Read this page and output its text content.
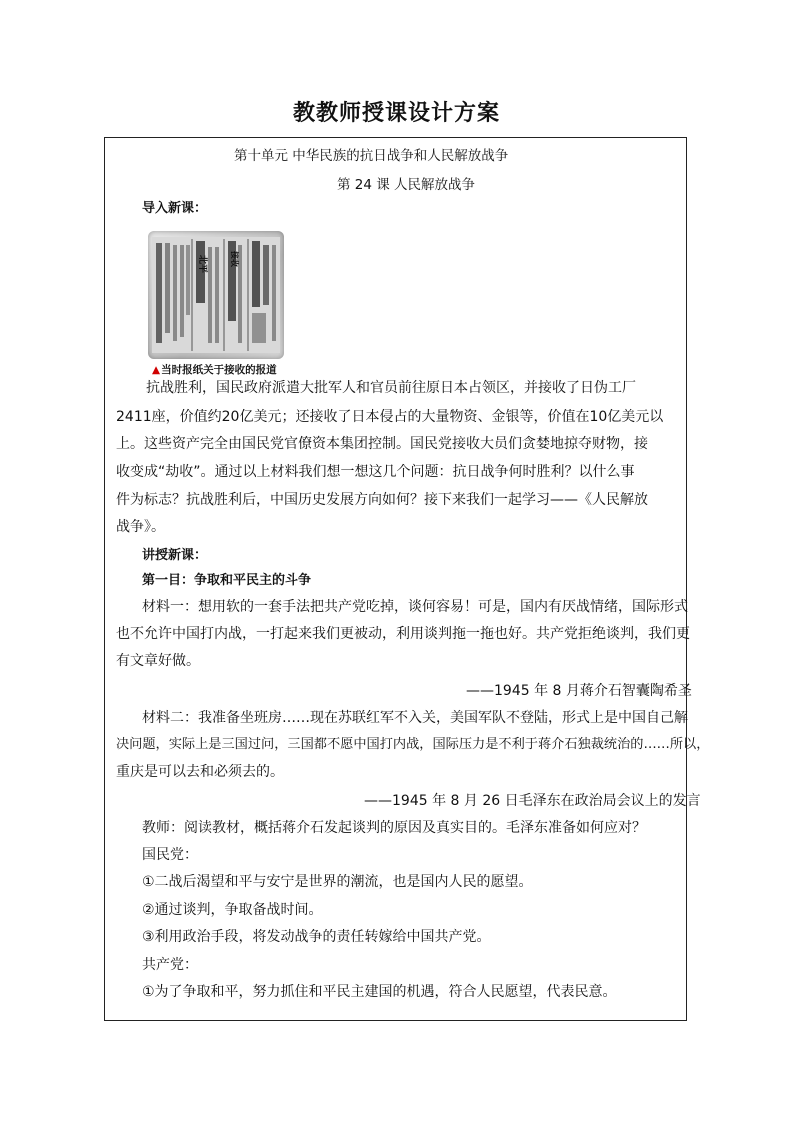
教教师授课设计方案
第十单元 中华民族的抗日战争和人民解放战争
第 24 课 人民解放战争
导入新课：
北平	接收
▲当时报纸关于接收的报道
抗战胜利，国民政府派遣大批军人和官员前往原日本占领区，并接收了日伪工厂
2411座，价值约20亿美元；还接收了日本侵占的大量物资、金银等，价值在10亿美元以
上。这些资产完全由国民党官僚资本集团控制。国民党接收大员们贪婪地掠夺财物，接
收变成“劫收”。通过以上材料我们想一想这几个问题：抗日战争何时胜利？以什么事
件为标志？抗战胜利后，中国历史发展方向如何？接下来我们一起学习——《人民解放
战争》。
讲授新课：
第一目：争取和平民主的斗争
材料一：想用软的一套手法把共产党吃掉，谈何容易！可是，国内有厌战情绪，国际形式
也不允许中国打内战，一打起来我们更被动，利用谈判拖一拖也好。共产党拒绝谈判，我们更
有文章好做。
——1945 年 8 月蒋介石智囊陶希圣
材料二：我准备坐班房……现在苏联红军不入关，美国军队不登陆，形式上是中国自己解
决问题，实际上是三国过问，三国都不愿中国打内战，国际压力是不利于蒋介石独裁统治的……所以，
重庆是可以去和必须去的。
——1945 年 8 月 26 日毛泽东在政治局会议上的发言
教师：阅读教材，概括蒋介石发起谈判的原因及真实目的。毛泽东准备如何应对？
国民党：
①二战后渴望和平与安宁是世界的潮流，也是国内人民的愿望。
②通过谈判，争取备战时间。
③利用政治手段，将发动战争的责任转嫁给中国共产党。
共产党：
①为了争取和平，努力抓住和平民主建国的机遇，符合人民愿望，代表民意。
